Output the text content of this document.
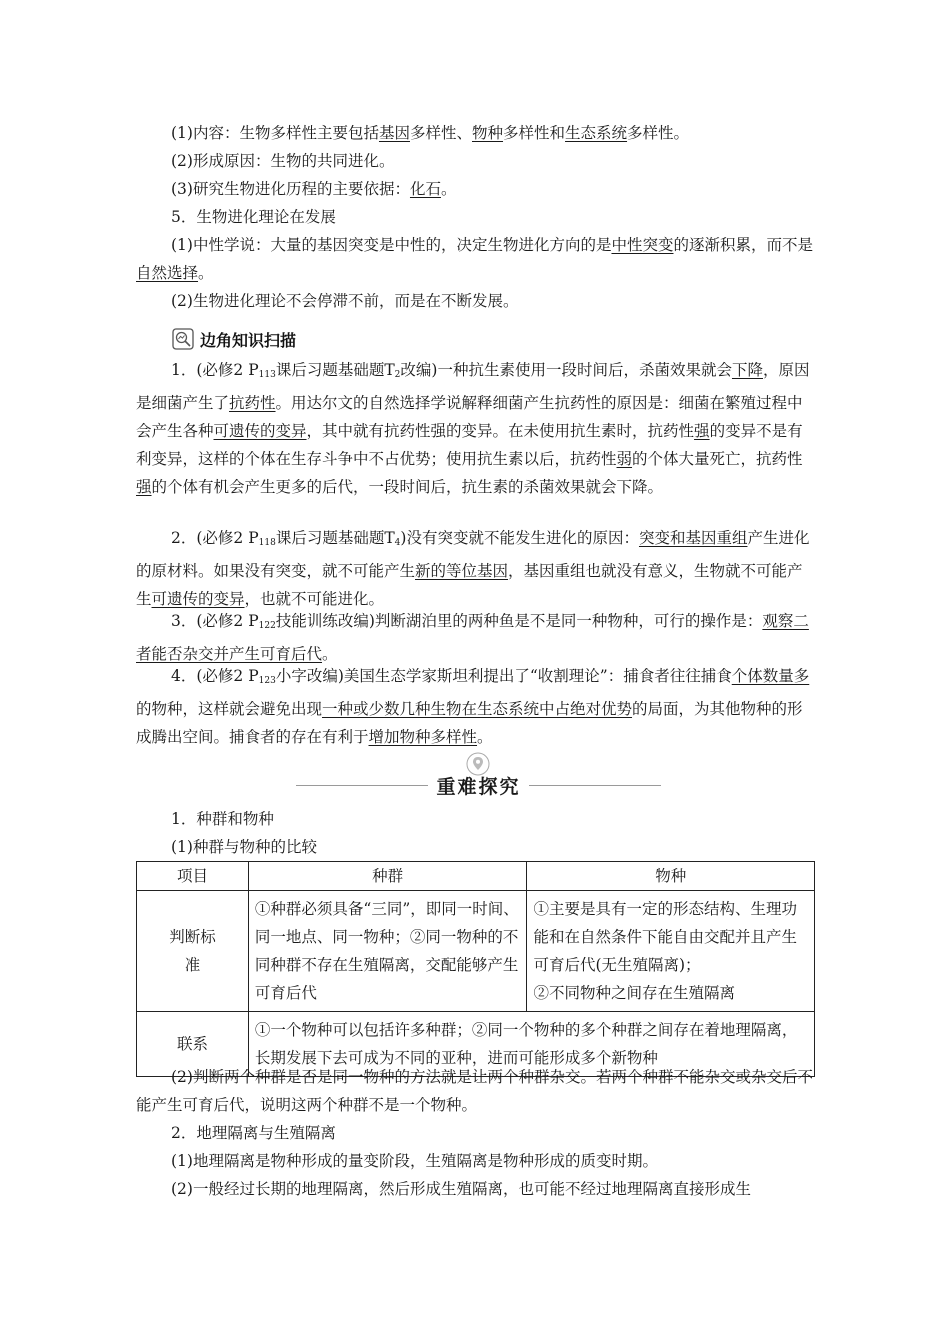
(1)内容：生物多样性主要包括基因多样性、物种多样性和生态系统多样性。

(2)形成原因：生物的共同进化。

(3)研究生物进化历程的主要依据：化石。

5．生物进化理论在发展

(1)中性学说：大量的基因突变是中性的，决定生物进化方向的是中性突变的逐渐积累，而不是自然选择。

(2)生物进化理论不会停滞不前，而是在不断发展。

边角知识扫描

1．(必修2 $P_{113}$课后习题基础题$T_2$改编)一种抗生素使用一段时间后，杀菌效果就会下降，原因是细菌产生了抗药性。用达尔文的自然选择学说解释细菌产生抗药性的原因是：细菌在繁殖过程中会产生各种可遗传的变异，其中就有抗药性强的变异。在未使用抗生素时，抗药性强的变异不是有利变异，这样的个体在生存斗争中不占优势；使用抗生素以后，抗药性弱的个体大量死亡，抗药性强的个体有机会产生更多的后代，一段时间后，抗生素的杀菌效果就会下降。

2．(必修2 $P_{118}$课后习题基础题$T_4$)没有突变就不能发生进化的原因：突变和基因重组产生进化的原材料。如果没有突变，就不可能产生新的等位基因，基因重组也就没有意义，生物就不可能产生可遗传的变异，也就不可能进化。

3．(必修2 $P_{122}$技能训练改编)判断湖泊里的两种鱼是不是同一种物种，可行的操作是：观察二者能否杂交并产生可育后代。

4．(必修2 $P_{123}$小字改编)美国生态学家斯坦利提出了“收割理论”：捕食者往往捕食个体数量多的物种，这样就会避免出现一种或少数几种生物在生态系统中占绝对优势的局面，为其他物种的形成腾出空间。捕食者的存在有利于增加物种多样性。

重难探究

1．种群和物种

(1)种群与物种的比较

项目	种群	物种
判断标准	①种群必须具备“三同”，即同一时间、同一地点、同一物种；②同一物种的不同种群不存在生殖隔离，交配能够产生可育后代	①主要是具有一定的形态结构、生理功能和在自然条件下能自由交配并且产生可育后代(无生殖隔离)；
②不同物种之间存在生殖隔离
联系	①一个物种可以包括许多种群；②同一个物种的多个种群之间存在着地理隔离，长期发展下去可成为不同的亚种，进而可能形成多个新物种	

(2)判断两个种群是否是同一物种的方法就是让两个种群杂交。若两个种群不能杂交或杂交后不能产生可育后代，说明这两个种群不是一个物种。

2．地理隔离与生殖隔离

(1)地理隔离是物种形成的量变阶段，生殖隔离是物种形成的质变时期。

(2)一般经过长期的地理隔离，然后形成生殖隔离，也可能不经过地理隔离直接形成生
